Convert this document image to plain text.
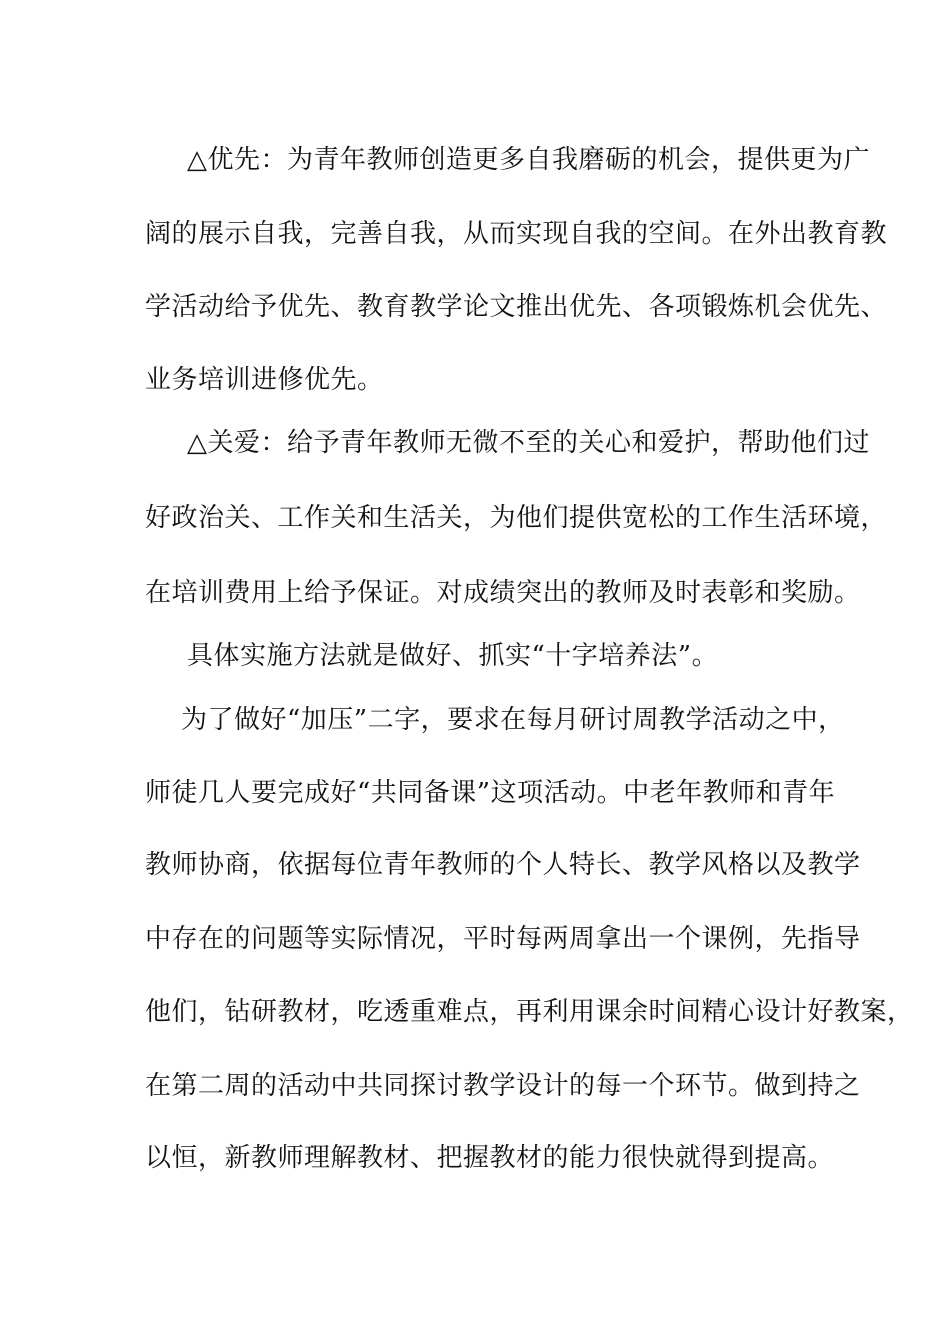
△优先：为青年教师创造更多自我磨砺的机会，提供更为广
阔的展示自我，完善自我，从而实现自我的空间。在外出教育教
学活动给予优先、教育教学论文推出优先、各项锻炼机会优先、
业务培训进修优先。
△关爱：给予青年教师无微不至的关心和爱护，帮助他们过
好政治关、工作关和生活关，为他们提供宽松的工作生活环境，
在培训费用上给予保证。对成绩突出的教师及时表彰和奖励。
具体实施方法就是做好、抓实“十字培养法”。
为了做好“加压”二字，要求在每月研讨周教学活动之中，
师徒几人要完成好“共同备课”这项活动。中老年教师和青年
教师协商，依据每位青年教师的个人特长、教学风格以及教学
中存在的问题等实际情况，平时每两周拿出一个课例，先指导
他们，钻研教材，吃透重难点，再利用课余时间精心设计好教案，
在第二周的活动中共同探讨教学设计的每一个环节。做到持之
以恒，新教师理解教材、把握教材的能力很快就得到提高。
